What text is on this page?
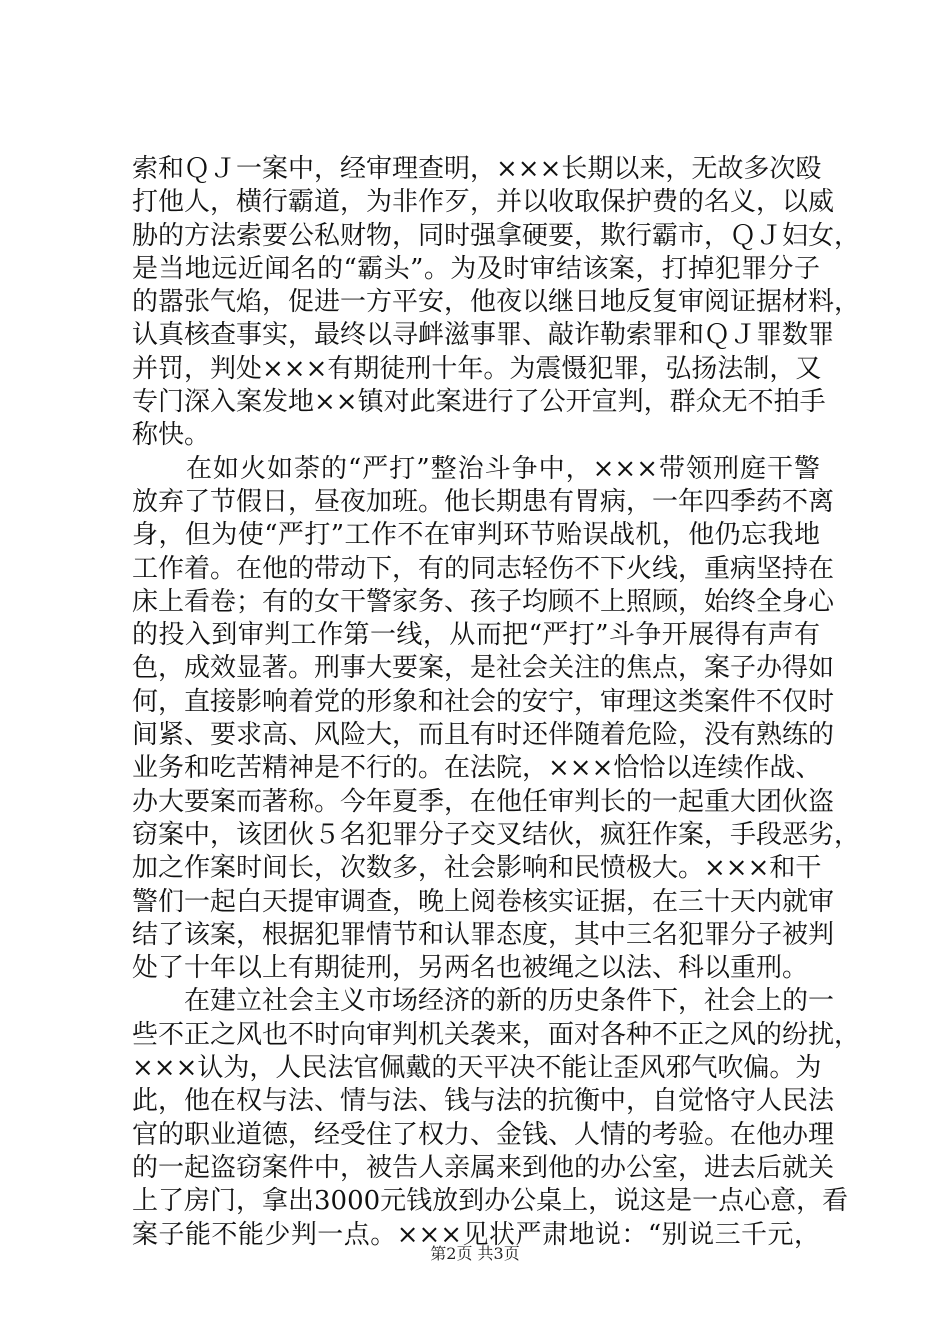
索和ＱＪ一案中，经审理查明，×××长期以来，无故多次殴
打他人，横行霸道，为非作歹，并以收取保护费的名义，以威
胁的方法索要公私财物，同时强拿硬要，欺行霸市，ＱＪ妇女，
是当地远近闻名的“霸头”。为及时审结该案，打掉犯罪分子
的嚣张气焰，促进一方平安，他夜以继日地反复审阅证据材料，
认真核查事实，最终以寻衅滋事罪、敲诈勒索罪和ＱＪ罪数罪
并罚，判处×××有期徒刑十年。为震慑犯罪，弘扬法制，又
专门深入案发地××镇对此案进行了公开宣判，群众无不拍手
称快。
　　在如火如荼的“严打”整治斗争中，×××带领刑庭干警
放弃了节假日，昼夜加班。他长期患有胃病，一年四季药不离
身，但为使“严打”工作不在审判环节贻误战机，他仍忘我地
工作着。在他的带动下，有的同志轻伤不下火线，重病坚持在
床上看卷；有的女干警家务、孩子均顾不上照顾，始终全身心
的投入到审判工作第一线，从而把“严打”斗争开展得有声有
色，成效显著。刑事大要案，是社会关注的焦点，案子办得如
何，直接影响着党的形象和社会的安宁，审理这类案件不仅时
间紧、要求高、风险大，而且有时还伴随着危险，没有熟练的
业务和吃苦精神是不行的。在法院，×××恰恰以连续作战、
办大要案而著称。今年夏季，在他任审判长的一起重大团伙盗
窃案中，该团伙５名犯罪分子交叉结伙，疯狂作案，手段恶劣，
加之作案时间长，次数多，社会影响和民愤极大。×××和干
警们一起白天提审调查，晚上阅卷核实证据，在三十天内就审
结了该案，根据犯罪情节和认罪态度，其中三名犯罪分子被判
处了十年以上有期徒刑，另两名也被绳之以法、科以重刑。
　　在建立社会主义市场经济的新的历史条件下，社会上的一
些不正之风也不时向审判机关袭来，面对各种不正之风的纷扰，
×××认为，人民法官佩戴的天平决不能让歪风邪气吹偏。为
此，他在权与法、情与法、钱与法的抗衡中，自觉恪守人民法
官的职业道德，经受住了权力、金钱、人情的考验。在他办理
的一起盗窃案件中，被告人亲属来到他的办公室，进去后就关
上了房门，拿出3000元钱放到办公桌上，说这是一点心意，看
案子能不能少判一点。×××见状严肃地说：“别说三千元，
第2页 共3页
